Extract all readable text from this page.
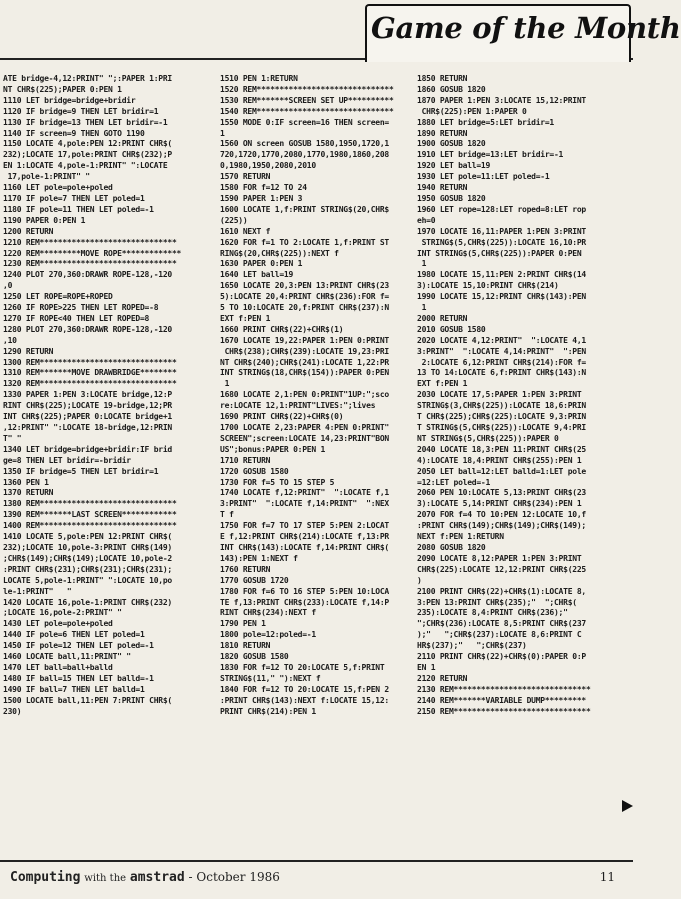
Game of the Month
ATE bridge-4,12:PRINT" ";:PAPER 1:PRI
NT CHR$(225);PAPER 0:PEN 1
1110 LET bridge=bridge+bridir
1120 IF bridge=9 THEN LET bridir=1
1130 IF bridge=13 THEN LET bridir=-1
1140 IF screen=9 THEN GOTO 1190
1150 LOCATE 4,pole:PEN 12:PRINT CHR$(
232);LOCATE 17,pole:PRINT CHR$(232);P
EN 1:LOCATE 4,pole-1:PRINT" ":LOCATE
17,pole-1:PRINT" "
1160 LET pole=pole+poled
1170 IF pole=7 THEN LET poled=1
1180 IF pole=11 THEN LET poled=-1
1190 PAPER 0:PEN 1
1200 RETURN
1210 REM******************************
1220 REM*********MOVE ROPE*************
1230 REM******************************
1240 PLOT 270,360:DRAWR ROPE-128,-120
,0
1250 LET ROPE=ROPE+ROPED
1260 IF ROPE>225 THEN LET ROPED=-8
1270 IF ROPE<40 THEN LET ROPED=8
1280 PLOT 270,360:DRAWR ROPE-128,-120
,10
1290 RETURN
1300 REM******************************
1310 REM*******MOVE DRAWBRIDGE********
1320 REM******************************
1330 PAPER 1:PEN 3:LOCATE bridge,12:P
RINT CHR$(225);LOCATE 19-bridge,12;PR
INT CHR$(225);PAPER 0:LOCATE bridge+1
,12:PRINT" ":LOCATE 18-bridge,12:PRIN
T" "
1340 LET bridge=bridge+bridir:IF brid
ge=8 THEN LET bridir=-bridir
1350 IF bridge=5 THEN LET bridir=1
1360 PEN 1
1370 RETURN
1380 REM******************************
1390 REM*******LAST SCREEN************
1400 REM******************************
1410 LOCATE 5,pole:PEN 12:PRINT CHR$(
232);LOCATE 10,pole-3:PRINT CHR$(149)
;CHR$(149);CHR$(149);LOCATE 10,pole-2
:PRINT CHR$(231);CHR$(231);CHR$(231);
LOCATE 5,pole-1:PRINT" ":LOCATE 10,po
le-1:PRINT"   "
1420 LOCATE 16,pole-1:PRINT CHR$(232)
;LOCATE 16,pole-2:PRINT" "
1430 LET pole=pole+poled
1440 IF pole=6 THEN LET poled=1
1450 IF pole=12 THEN LET poled=-1
1460 LOCATE ball,11:PRINT" "
1470 LET ball=ball+balld
1480 IF ball=15 THEN LET balld=-1
1490 IF ball=7 THEN LET balld=1
1500 LOCATE ball,11:PEN 7:PRINT CHR$(
230)
1510 PEN 1:RETURN
1520 REM******************************
1530 REM*******SCREEN SET UP**********
1540 REM******************************
1550 MODE 0:IF screen=16 THEN screen=
1
1560 ON screen GOSUB 1580,1950,1720,1
720,1720,1770,2080,1770,1980,1860,208
0,1980,1950,2080,2010
1570 RETURN
1580 FOR f=12 TO 24
1590 PAPER 1:PEN 3
1600 LOCATE 1,f:PRINT STRING$(20,CHR$
(225))
1610 NEXT f
1620 FOR f=1 TO 2:LOCATE 1,f:PRINT ST
RING$(20,CHR$(225)):NEXT f
1630 PAPER 0:PEN 1
1640 LET ball=19
1650 LOCATE 20,3:PEN 13:PRINT CHR$(23
5):LOCATE 20,4:PRINT CHR$(236):FOR f=
5 TO 10:LOCATE 20,f:PRINT CHR$(237):N
EXT f:PEN 1
1660 PRINT CHR$(22)+CHR$(1)
1670 LOCATE 19,22:PAPER 1:PEN 0:PRINT
CHR$(238);CHR$(239):LOCATE 19,23:PRI
NT CHR$(240);CHR$(241):LOCATE 1,22:PR
INT STRING$(18,CHR$(154)):PAPER 0:PEN
1
1680 LOCATE 2,1:PEN 0:PRINT"1UP:";sco
re:LOCATE 12,1:PRINT"LIVES:";lives
1690 PRINT CHR$(22)+CHR$(0)
1700 LOCATE 2,23:PAPER 4:PEN 0:PRINT"
SCREEN";screen:LOCATE 14,23:PRINT"BON
US";bonus:PAPER 0:PEN 1
1710 RETURN
1720 GOSUB 1580
1730 FOR f=5 TO 15 STEP 5
1740 LOCATE f,12:PRINT"  ":LOCATE f,1
3:PRINT"  ":LOCATE f,14:PRINT"  ":NEX
T f
1750 FOR f=7 TO 17 STEP 5:PEN 2:LOCAT
E f,12:PRINT CHR$(214):LOCATE f,13:PR
INT CHR$(143):LOCATE f,14:PRINT CHR$(
143):PEN 1:NEXT f
1760 RETURN
1770 GOSUB 1720
1780 FOR f=6 TO 16 STEP 5:PEN 10:LOCA
TE f,13:PRINT CHR$(233):LOCATE f,14:P
RINT CHR$(234):NEXT f
1790 PEN 1
1800 pole=12:poled=-1
1810 RETURN
1820 GOSUB 1580
1830 FOR f=12 TO 20:LOCATE 5,f:PRINT
STRING$(11," "):NEXT f
1840 FOR f=12 TO 20:LOCATE 15,f:PEN 2
:PRINT CHR$(143):NEXT f:LOCATE 15,12:
PRINT CHR$(214):PEN 1
1850 RETURN
1860 GOSUB 1820
1870 PAPER 1:PEN 3:LOCATE 15,12:PRINT
CHR$(225):PEN 1:PAPER 0
1880 LET bridge=5:LET bridir=1
1890 RETURN
1900 GOSUB 1820
1910 LET bridge=13:LET bridir=-1
1920 LET ball=19
1930 LET pole=11:LET poled=-1
1940 RETURN
1950 GOSUB 1820
1960 LET rope=128:LET roped=8:LET rop
eh=0
1970 LOCATE 16,11:PAPER 1:PEN 3:PRINT
STRING$(5,CHR$(225)):LOCATE 16,10:PR
INT STRING$(5,CHR$(225)):PAPER 0:PEN
1
1980 LOCATE 15,11:PEN 2:PRINT CHR$(14
3):LOCATE 15,10:PRINT CHR$(214)
1990 LOCATE 15,12:PRINT CHR$(143):PEN
1
2000 RETURN
2010 GOSUB 1580
2020 LOCATE 4,12:PRINT"  ":LOCATE 4,1
3:PRINT"  ":LOCATE 4,14:PRINT"  ":PEN
2:LOCATE 6,12:PRINT CHR$(214):FOR f=
13 TO 14:LOCATE 6,f:PRINT CHR$(143):N
EXT f:PEN 1
2030 LOCATE 17,5:PAPER 1:PEN 3:PRINT
STRING$(3,CHR$(225)):LOCATE 18,6:PRIN
T CHR$(225);CHR$(225):LOCATE 9,3:PRIN
T STRING$(5,CHR$(225)):LOCATE 9,4:PRI
NT STRING$(5,CHR$(225)):PAPER 0
2040 LOCATE 18,3:PEN 11:PRINT CHR$(25
4):LOCATE 18,4:PRINT CHR$(255):PEN 1
2050 LET ball=12:LET balld=1:LET pole
=12:LET poled=-1
2060 PEN 10:LOCATE 5,13:PRINT CHR$(23
3):LOCATE 5,14:PRINT CHR$(234):PEN 1
2070 FOR f=4 TO 10:PEN 12:LOCATE 10,f
:PRINT CHR$(149);CHR$(149);CHR$(149);
NEXT f:PEN 1:RETURN
2080 GOSUB 1820
2090 LOCATE 8,12:PAPER 1:PEN 3:PRINT
CHR$(225):LOCATE 12,12:PRINT CHR$(225
)
2100 PRINT CHR$(22)+CHR$(1):LOCATE 8,
3:PEN 13:PRINT CHR$(235);"  ";CHR$(
235):LOCATE 8,4:PRINT CHR$(236);"
";CHR$(236):LOCATE 8,5:PRINT CHR$(237
);"   ";CHR$(237):LOCATE 8,6:PRINT C
HR$(237);"   ";CHR$(237)
2110 PRINT CHR$(22)+CHR$(0):PAPER 0:P
EN 1
2120 RETURN
2130 REM******************************
2140 REM*******VARIABLE DUMP*********
2150 REM******************************
Computing with the amstrad - October 1986	11
